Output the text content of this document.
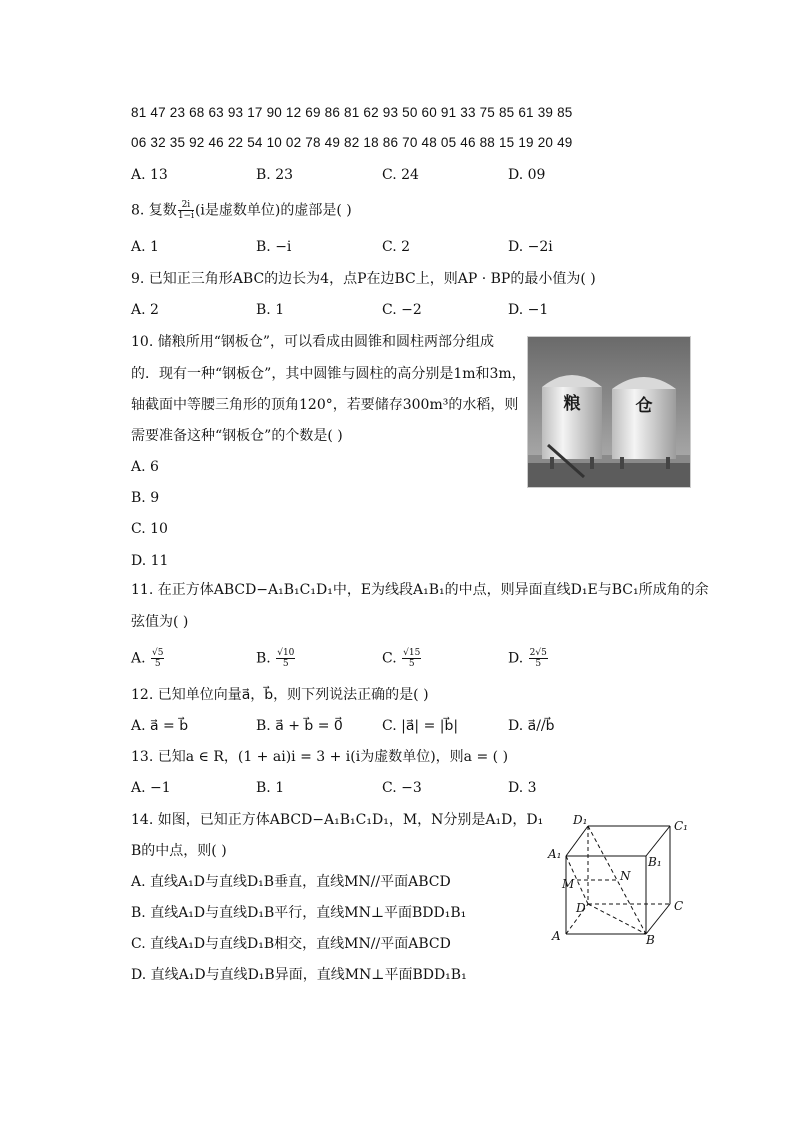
81 47 23 68 63 93 17 90 12 69 86 81 62 93 50 60 91 33 75 85 61 39 85
06 32 35 92 46 22 54 10 02 78 49 82 18 86 70 48 05 46 88 15 19 20 49
A. 13	B. 23	C. 24	D. 09
8. 复数 $\frac{2i}{1-i} (i$是虚数单位)的虚部是( )
A. 1	B. −i	C. 2	D. −2i
9. 已知正三角形ABC的边长为4，点P在边BC上，则AP · BP的最小值为( )
A. 2	B. 1	C. −2	D. −1
10. 储粮所用“钢板仓”，可以看成由圆锥和圆柱两部分组成
的．现有一种“钢板仓”，其中圆锥与圆柱的高分别是1m和3m，
轴截面中等腰三角形的顶角120°，若要储存300m³的水稻，则
需要准备这种“钢板仓”的个数是( )
A. 6
B. 9
C. 10
D. 11
粮	仓
11. 在正方体ABCD−A₁B₁C₁D₁中，E为线段A₁B₁的中点，则异面直线D₁E与BC₁所成角的余
弦值为( )
A. $\frac{√5}{5}$	B. $\frac{√10}{5}$	C. $\frac{√15}{5}$	D. $\frac{2√5}{5}$
12. 已知单位向量a⃗，b⃗，则下列说法正确的是( )
A. a⃗ = b⃗	B. a⃗ + b⃗ = 0⃗	C. |a⃗| = |b⃗|	D. a⃗//b⃗
13. 已知a ∈ R，(1 + ai)i = 3 + i(i为虚数单位)，则a = ( )
A. −1	B. 1	C. −3	D. 3
14. 如图，已知正方体ABCD−A₁B₁C₁D₁，M，N分别是A₁D，D₁
B的中点，则( )
A. 直线A₁D与直线D₁B垂直，直线MN//平面ABCD
B. 直线A₁D与直线D₁B平行，直线MN⊥平面BDD₁B₁
C. 直线A₁D与直线D₁B相交，直线MN//平面ABCD
D. 直线A₁D与直线D₁B异面，直线MN⊥平面BDD₁B₁
D₁	C₁
A₁
B₁
M
N
D	C
A	B
